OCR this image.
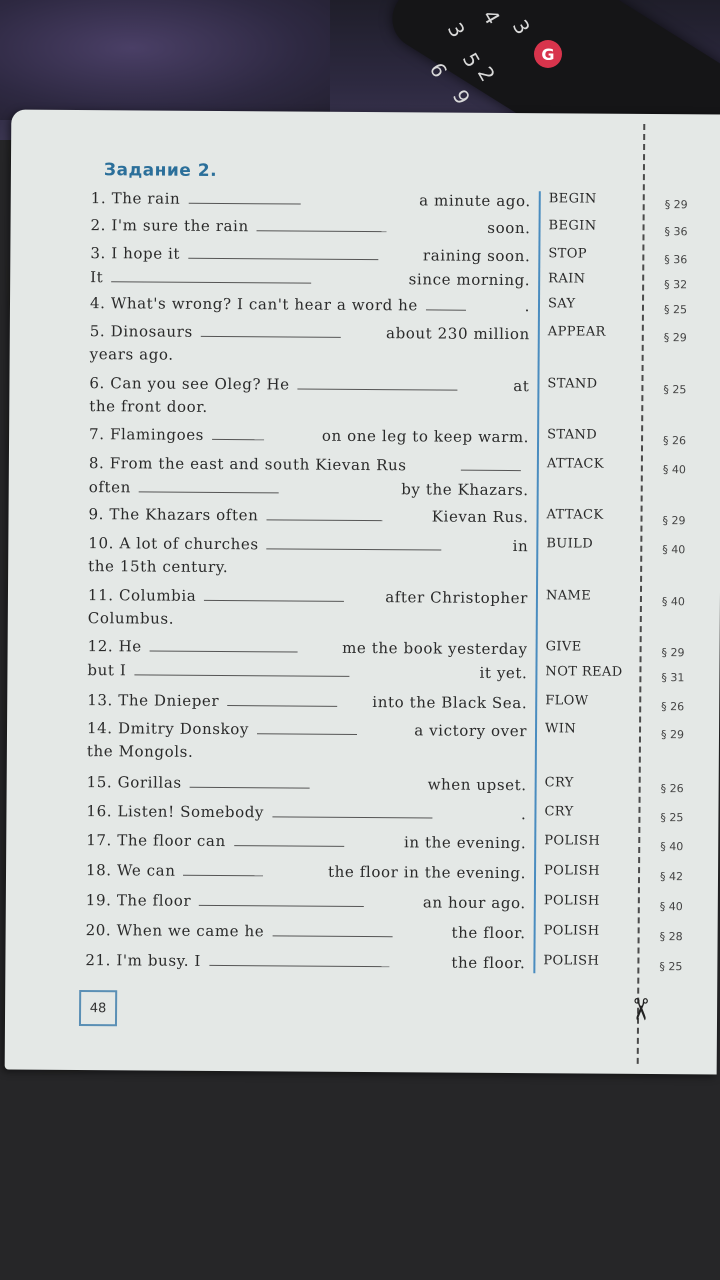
4
3
5
2
6
9
3
G
Задание 2.
1. The rain	a minute ago. BEGIN	§ 29
2. I'm sure the rain	soon. BEGIN	§ 36
3. I hope it	raining soon.
It	since morning.
STOP	§ 36
RAIN	§ 32
4. What's wrong? I can't hear a word he	. SAY	§ 25
5. Dinosaurs	about 230 million
years ago.
APPEAR	§ 29
6. Can you see Oleg? He	at
the front door.
STAND	§ 25
7. Flamingoes	on one leg to keep warm. STAND	§ 26
8. From the east and south Kievan Rus
often	by the Khazars.
ATTACK	§ 40
9. The Khazars often	Kievan Rus. ATTACK	§ 29
10. A lot of churches	in
the 15th century.
BUILD	§ 40
11. Columbia	after Christopher
Columbus.
NAME	§ 40
12. He	me the book yesterday
but I	it yet.
GIVE	§ 29
NOT READ	§ 31
13. The Dnieper	into the Black Sea. FLOW	§ 26
14. Dmitry Donskoy	a victory over
the Mongols.
WIN	§ 29
15. Gorillas	when upset. CRY	§ 26
16. Listen! Somebody	. CRY	§ 25
17. The floor can	in the evening. POLISH	§ 40
18. We can	the floor in the evening. POLISH	§ 42
19. The floor	an hour ago. POLISH	§ 40
20. When we came he	the floor. POLISH	§ 28
21. I'm busy. I	the floor. POLISH	§ 25
48	✂
